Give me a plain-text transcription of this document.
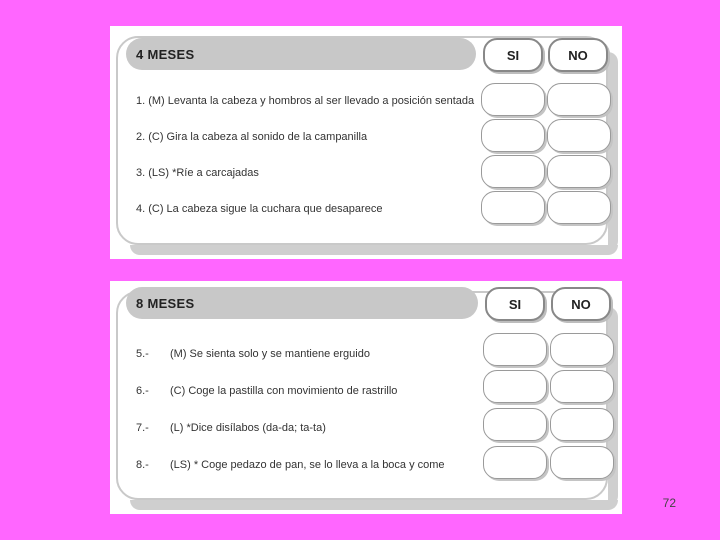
4 MESES	SI	NO
1. (M) Levanta la cabeza y hombros al ser llevado a posición sentada
2. (C) Gira la cabeza al sonido de la campanilla
3. (LS) *Ríe a carcajadas
4. (C) La cabeza sigue la cuchara que desaparece
8 MESES	SI	NO
5.- (M) Se sienta solo y se mantiene erguido
6.- (C) Coge la pastilla con movimiento de rastrillo
7.- (L) *Dice disílabos (da-da; ta-ta)
8.- (LS) * Coge pedazo de pan, se lo lleva a la boca y come
72
